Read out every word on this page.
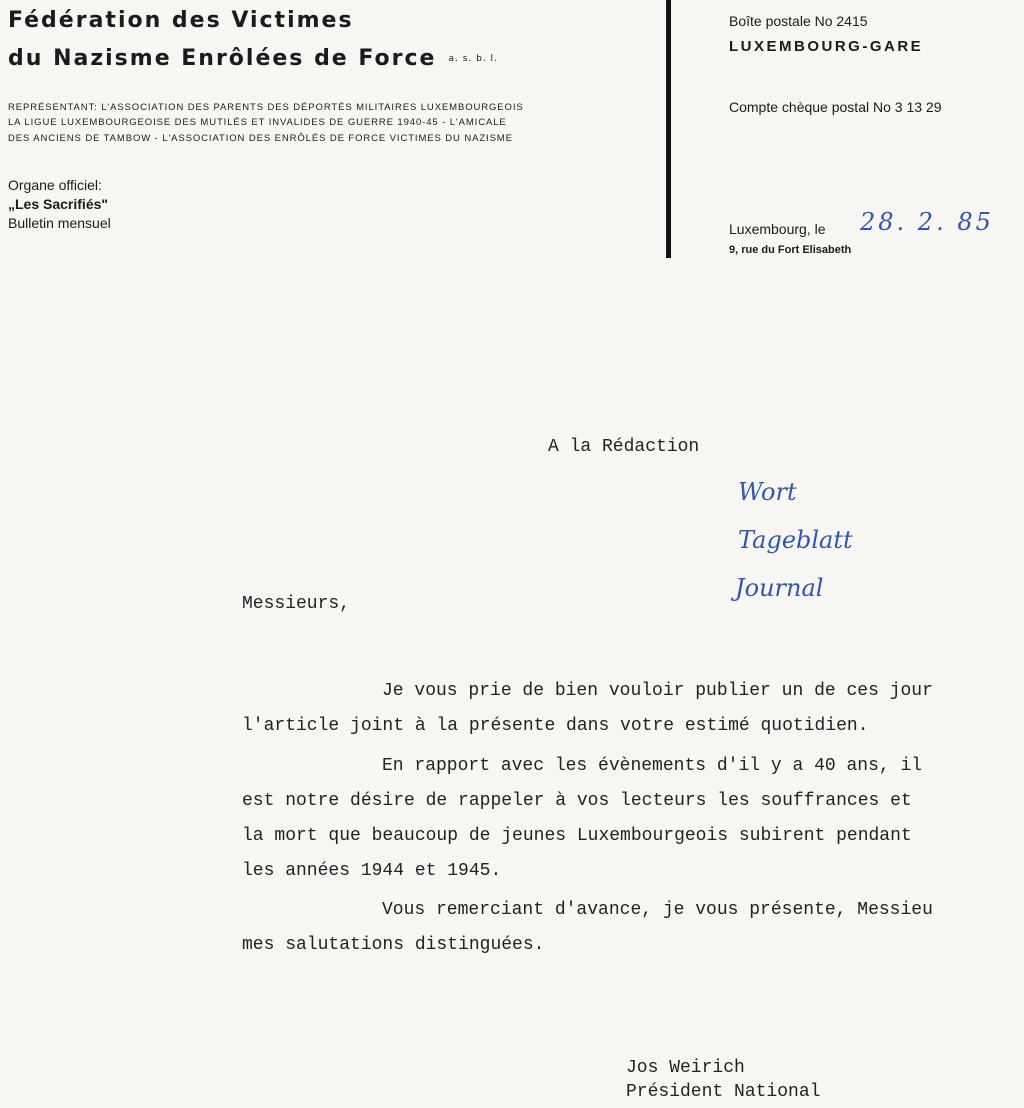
Fédération des Victimes
du Nazisme Enrôlées de Force a. s. b. l.
REPRÉSENTANT: L'ASSOCIATION DES PARENTS DES DÉPORTÉS MILITAIRES LUXEMBOURGEOIS
LA LIGUE LUXEMBOURGEOISE DES MUTILÉS ET INVALIDES DE GUERRE 1940-45 - L'AMICALE
DES ANCIENS DE TAMBOW - L'ASSOCIATION DES ENRÔLÉS DE FORCE VICTIMES DU NAZISME
Organe officiel:
„Les Sacrifiés"
Bulletin mensuel
Boîte postale No 2415
LUXEMBOURG-GARE
Compte chèque postal No 3 13 29
Luxembourg, le 28. 2. 85
9, rue du Fort Elisabeth
A la Rédaction
Wort
Tageblatt
Journal
Messieurs,
Je vous prie de bien vouloir publier un de ces jour
l'article joint à la présente dans votre estimé quotidien.
En rapport avec les évènements d'il y a 40 ans, il
est notre désire de rappeler à vos lecteurs les souffrances et
la mort que beaucoup de jeunes Luxembourgeois subirent pendant
les années 1944 et 1945.
Vous remerciant d'avance, je vous présente, Messieu
mes salutations distinguées.
Jos Weirich
Président National
